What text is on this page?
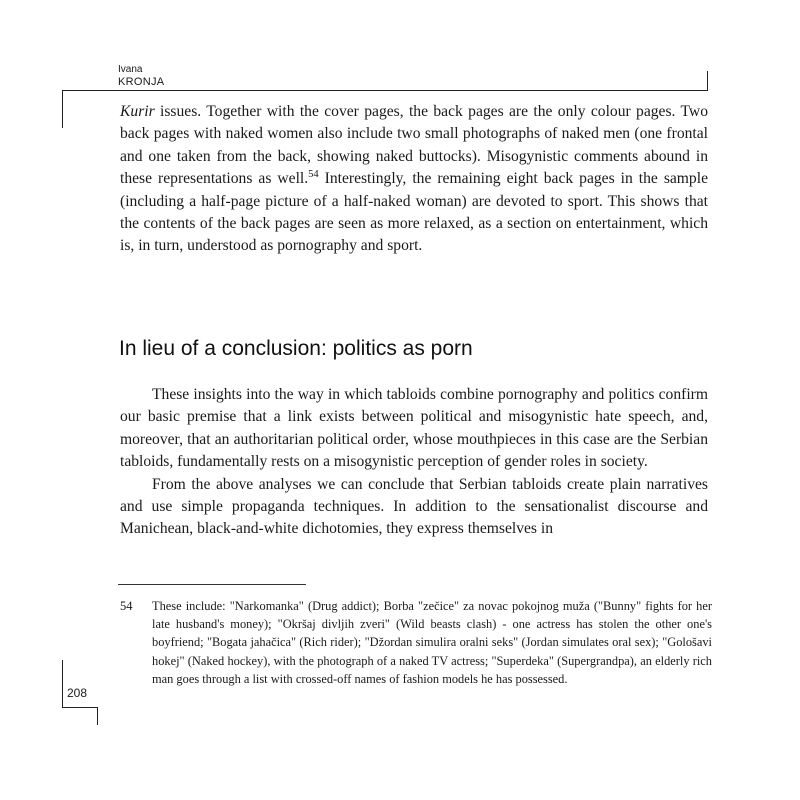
Ivana
KRONJA

Kurir issues. Together with the cover pages, the back pages are the only colour pages. Two back pages with naked women also include two small photographs of naked men (one frontal and one taken from the back, showing naked buttocks). Misogynistic comments abound in these representations as well.$^{54}$ Interestingly, the remaining eight back pages in the sample (including a half-page picture of a half-naked woman) are devoted to sport. This shows that the contents of the back pages are seen as more relaxed, as a section on entertainment, which is, in turn, understood as pornography and sport.

In lieu of a conclusion: politics as porn

These insights into the way in which tabloids combine pornography and politics confirm our basic premise that a link exists between political and misogynistic hate speech, and, moreover, that an authoritarian political order, whose mouthpieces in this case are the Serbian tabloids, fundamentally rests on a misogynistic perception of gender roles in society.

From the above analyses we can conclude that Serbian tabloids create plain narratives and use simple propaganda techniques. In addition to the sensationalist discourse and Manichean, black-and-white dichotomies, they express themselves in

54 These include: "Narkomanka" (Drug addict); Borba "zečice" za novac pokojnog muža ("Bunny" fights for her late husband's money); "Okršaj divljih zveri" (Wild beasts clash) - one actress has stolen the other one's boyfriend; "Bogata jahačica" (Rich rider); "Džordan simulira oralni seks" (Jordan simulates oral sex); "Gološavi hokej" (Naked hockey), with the photograph of a naked TV actress; "Superdeka" (Supergrandpa), an elderly rich man goes through a list with crossed-off names of fashion models he has possessed.

208
